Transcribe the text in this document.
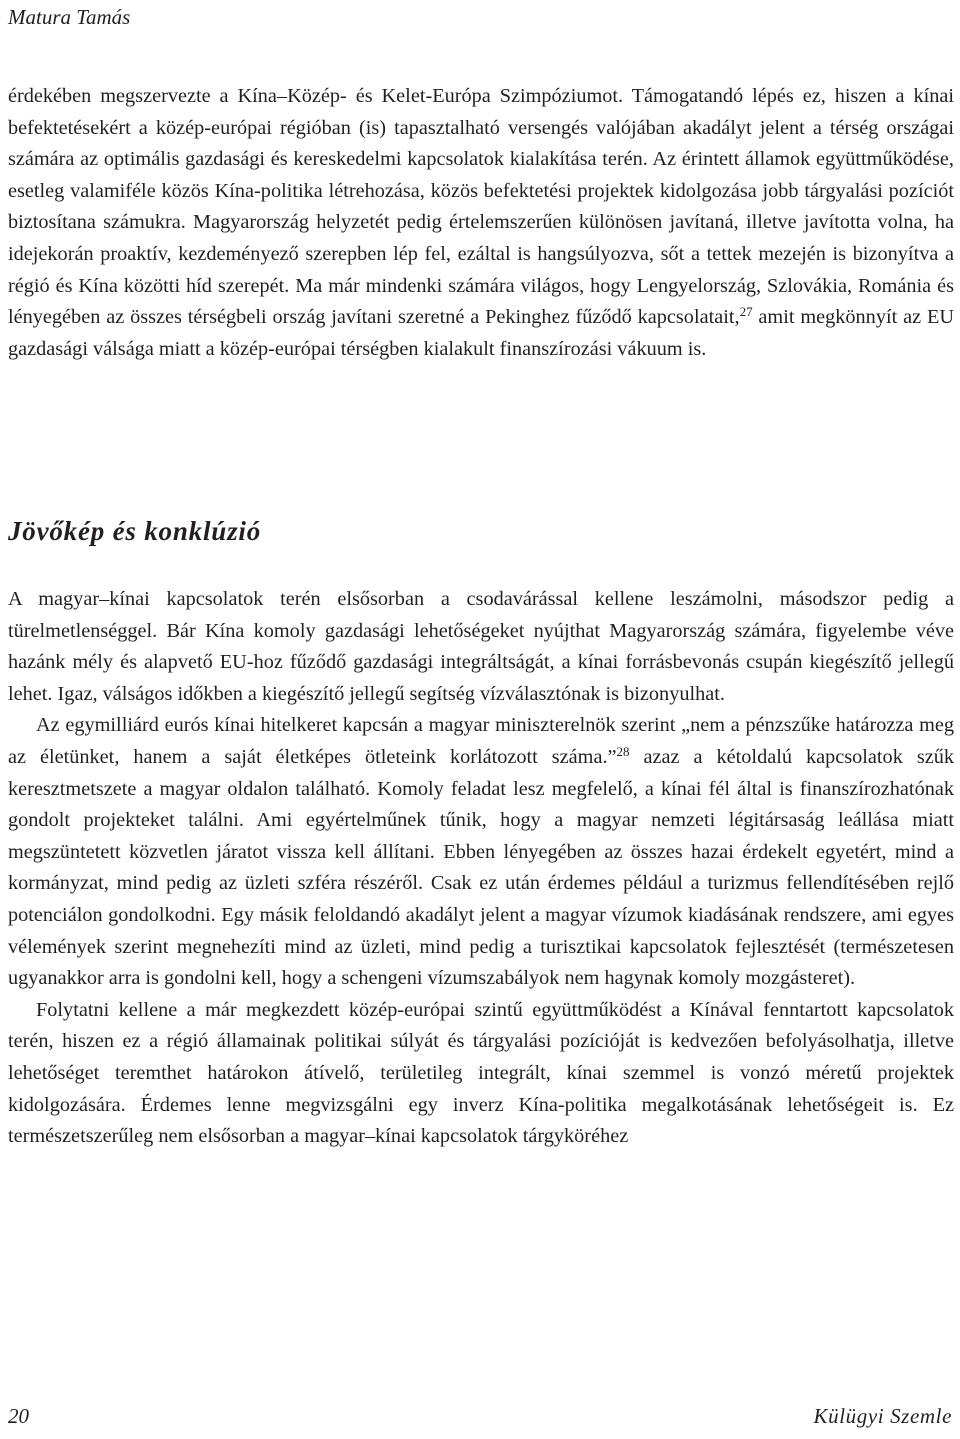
Matura Tamás

érdekében megszervezte a Kína–Közép- és Kelet-Európa Szimpóziumot. Támogatandó lépés ez, hiszen a kínai befektetésekért a közép-európai régióban (is) tapasztalható versengés valójában akadályt jelent a térség országai számára az optimális gazdasági és kereskedelmi kapcsolatok kialakítása terén. Az érintett államok együttműködése, esetleg valamiféle közös Kína-politika létrehozása, közös befektetési projektek kidolgozása jobb tárgyalási pozíciót biztosítana számukra. Magyarország helyzetét pedig értelemszerűen különösen javítaná, illetve javította volna, ha idejekorán proaktív, kezdeményező szerepben lép fel, ezáltal is hangsúlyozva, sőt a tettek mezején is bizonyítva a régió és Kína közötti híd szerepét. Ma már mindenki számára világos, hogy Lengyelország, Szlovákia, Románia és lényegében az összes térségbeli ország javítani szeretné a Pekinghez fűződő kapcsolatait,$^{27}$ amit megkönnyít az EU gazdasági válsága miatt a közép-európai térségben kialakult finanszírozási vákuum is.

Jövőkép és konklúzió

A magyar–kínai kapcsolatok terén elsősorban a csodavárással kellene leszámolni, másodszor pedig a türelmetlenséggel. Bár Kína komoly gazdasági lehetőségeket nyújthat Magyarország számára, figyelembe véve hazánk mély és alapvető EU-hoz fűződő gazdasági integráltságát, a kínai forrásbevonás csupán kiegészítő jellegű lehet. Igaz, válságos időkben a kiegészítő jellegű segítség vízválasztónak is bizonyulhat.

Az egymilliárd eurós kínai hitelkeret kapcsán a magyar miniszterelnök szerint „nem a pénzszűke határozza meg az életünket, hanem a saját életképes ötleteink korlátozott száma.”$^{28}$ azaz a kétoldalú kapcsolatok szűk keresztmetszete a magyar oldalon található. Komoly feladat lesz megfelelő, a kínai fél által is finanszírozhatónak gondolt projekteket találni. Ami egyértelműnek tűnik, hogy a magyar nemzeti légitársaság leállása miatt megszüntetett közvetlen járatot vissza kell állítani. Ebben lényegében az összes hazai érdekelt egyetért, mind a kormányzat, mind pedig az üzleti szféra részéről. Csak ez után érdemes például a turizmus fellendítésében rejlő potenciálon gondolkodni. Egy másik feloldandó akadályt jelent a magyar vízumok kiadásának rendszere, ami egyes vélemények szerint megnehezíti mind az üzleti, mind pedig a turisztikai kapcsolatok fejlesztését (természetesen ugyanakkor arra is gondolni kell, hogy a schengeni vízumszabályok nem hagynak komoly mozgásteret).

Folytatni kellene a már megkezdett közép-európai szintű együttműködést a Kínával fenntartott kapcsolatok terén, hiszen ez a régió államainak politikai súlyát és tárgyalási pozícióját is kedvezően befolyásolhatja, illetve lehetőséget teremthet határokon átívelő, területileg integrált, kínai szemmel is vonzó méretű projektek kidolgozására. Érdemes lenne megvizsgálni egy inverz Kína-politika megalkotásának lehetőségeit is. Ez természetszerűleg nem elsősorban a magyar–kínai kapcsolatok tárgyköréhez

20	Külügyi Szemle
